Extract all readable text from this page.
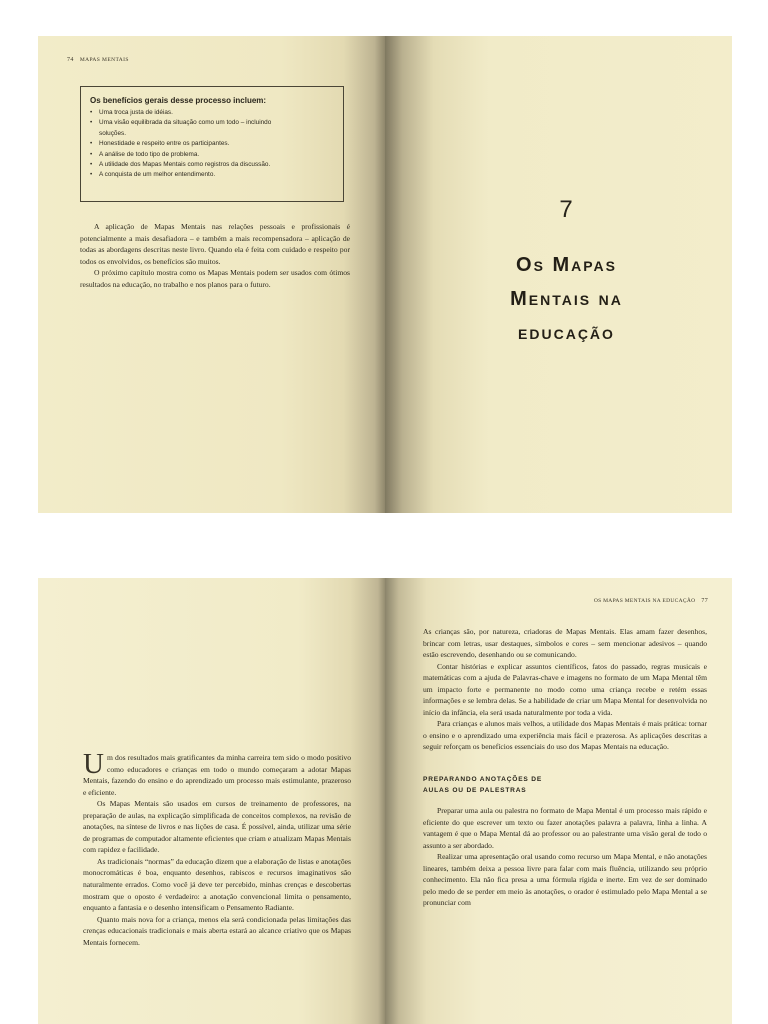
74 MAPAS MENTAIS
Os benefícios gerais desse processo incluem:
• Uma troca justa de idéias.
• Uma visão equilibrada da situação como um todo – incluindo
soluções.
• Honestidade e respeito entre os participantes.
• A análise de todo tipo de problema.
• A utilidade dos Mapas Mentais como registros da discussão.
• A conquista de um melhor entendimento.

A aplicação de Mapas Mentais nas relações pessoais e profissionais é potencialmente a mais desafiadora – e também a mais recompensadora – aplicação de todas as abordagens descritas neste livro. Quando ela é feita com cuidado e respeito por todos os envolvidos, os benefícios são muitos.

O próximo capítulo mostra como os Mapas Mentais podem ser usados com ótimos resultados na educação, no trabalho e nos planos para o futuro.

7
Os Mapas
Mentais na
educação

Um dos resultados mais gratificantes da minha carreira tem sido o modo positivo como educadores e crianças em todo o mundo começaram a adotar Mapas Mentais, fazendo do ensino e do aprendizado um processo mais estimulante, prazeroso e eficiente.

Os Mapas Mentais são usados em cursos de treinamento de professores, na preparação de aulas, na explicação simplificada de conceitos complexos, na revisão de anotações, na síntese de livros e nas lições de casa. É possível, ainda, utilizar uma série de programas de computador altamente eficientes que criam e atualizam Mapas Mentais com rapidez e facilidade.

As tradicionais “normas” da educação dizem que a elaboração de listas e anotações monocromáticas é boa, enquanto desenhos, rabiscos e recursos imaginativos são naturalmente errados. Como você já deve ter percebido, minhas crenças e descobertas mostram que o oposto é verdadeiro: a anotação convencional limita o pensamento, enquanto a fantasia e o desenho intensificam o Pensamento Radiante.

Quanto mais nova for a criança, menos ela será condicionada pelas limitações das crenças educacionais tradicionais e mais aberta estará ao alcance criativo que os Mapas Mentais fornecem.

OS MAPAS MENTAIS NA EDUCAÇÃO 77

As crianças são, por natureza, criadoras de Mapas Mentais. Elas amam fazer desenhos, brincar com letras, usar destaques, símbolos e cores – sem mencionar adesivos – quando estão escrevendo, desenhando ou se comunicando.

Contar histórias e explicar assuntos científicos, fatos do passado, regras musicais e matemáticas com a ajuda de Palavras-chave e imagens no formato de um Mapa Mental têm um impacto forte e permanente no modo como uma criança recebe e retém essas informações e se lembra delas. Se a habilidade de criar um Mapa Mental for desenvolvida no início da infância, ela será usada naturalmente por toda a vida.

Para crianças e alunos mais velhos, a utilidade dos Mapas Mentais é mais prática: tornar o ensino e o aprendizado uma experiência mais fácil e prazerosa. As aplicações descritas a seguir reforçam os benefícios essenciais do uso dos Mapas Mentais na educação.

PREPARANDO ANOTAÇÕES DE
AULAS OU DE PALESTRAS

Preparar uma aula ou palestra no formato de Mapa Mental é um processo mais rápido e eficiente do que escrever um texto ou fazer anotações palavra a palavra, linha a linha. A vantagem é que o Mapa Mental dá ao professor ou ao palestrante uma visão geral de todo o assunto a ser abordado.

Realizar uma apresentação oral usando como recurso um Mapa Mental, e não anotações lineares, também deixa a pessoa livre para falar com mais fluência, utilizando seu próprio conhecimento. Ela não fica presa a uma fórmula rígida e inerte. Em vez de ser dominado pelo medo de se perder em meio às anotações, o orador é estimulado pelo Mapa Mental a se pronunciar com
